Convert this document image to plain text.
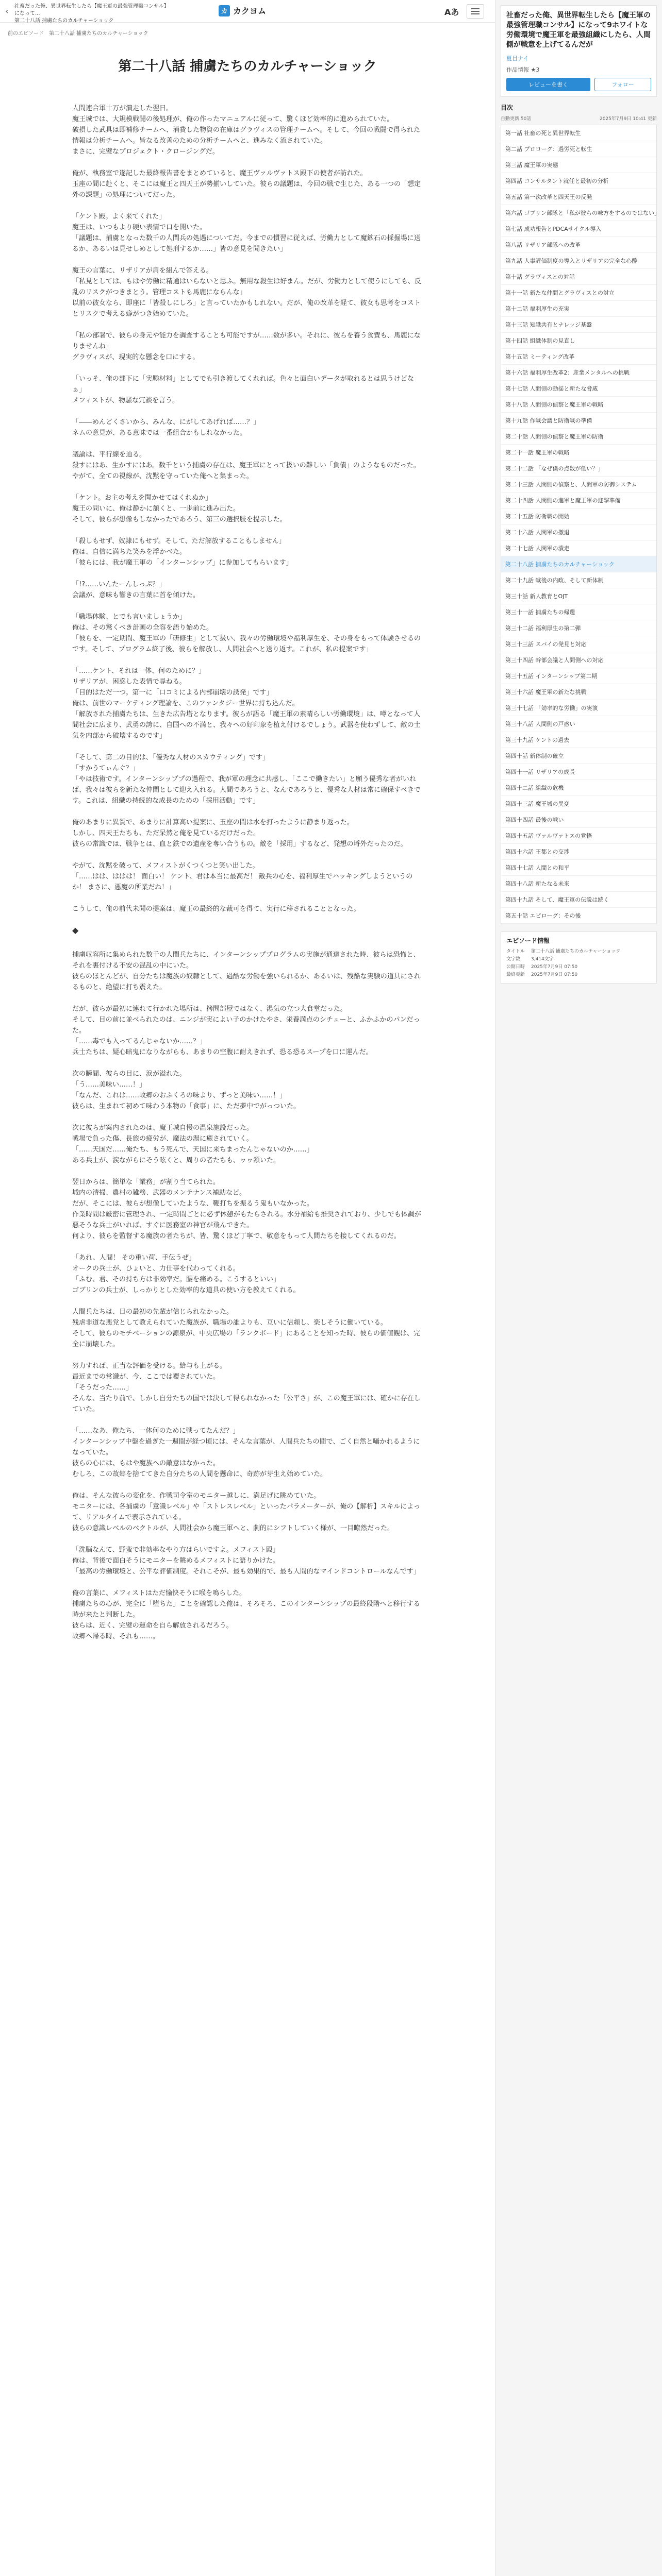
‹ 社畜だった俺、異世界転生したら【魔王軍の最強管理職コンサル】になって...
第二十八話 捕虜たちのカルチャーショック
カ カクヨム	Aあ
前のエピソード 第二十八話 捕虜たちのカルチャーショック
第二十八話 捕虜たちのカルチャーショック

人間連合軍十万が潰走した翌日。
魔王城では、大規模戦闘の後処理が、俺の作ったマニュアルに従って、驚くほど効率的に進められていた。
破損した武具は即補修チームへ、消費した物資の在庫はグラヴィスの管理チームへ。そして、今回の戦闘で得られた情報は分析チームへ。皆なる改善のための分析チームへと、進みなく流されていた。
まさに、完璧なプロジェクト・クロージングだ。

俺が、執務室で遂記した最終報告書をまとめていると、魔王ヴァルヴァトス殿下の使者が訪れた。
玉座の間に赴くと、そこには魔王と四天王が勢揃いしていた。彼らの議題は、今回の戦で生じた、ある一つの「想定外の課題」の処理についてだった。

「ケント殿。よく来てくれた」
魔王は、いつもより硬い表情で口を開いた。
「議題は、捕虜となった数千の人間兵の処遇についてだ。今までの慣習に従えば、労働力として魔鉱石の採掘場に送るか、あるいは見せしめとして処刑するか……」皆の意見を聞きたい」

魔王の言葉に、リザリアが肩を組んで答える。
「私見としては、もはや労働に精通はいらないと思ふ。無用な殺生は好まん。だが、労働力として使うにしても、反乱のリスクがつきまとう。管理コストも馬鹿にならんな」
以前の彼女なら、即座に「皆殺しにしろ」と言っていたかもしれない。だが、俺の改革を経て、彼女も思考をコストとリスクで考える癖がつき始めていた。

「私の部署で、彼らの身元や能力を調査することも可能ですが……数が多い。それに、彼らを養う食費も、馬鹿になりませんね」
グラヴィスが、現実的な懸念を口にする。

「いっそ、俺の部下に「実験材料」としてでも引き渡してくれれば。色々と面白いデータが取れるとは思うけどなぁ」
メフィストが、物騒な冗談を言う。

「――めんどくさいから、みんな、にがしてあげれば……？」
ネムの意見が、ある意味では一番組合かもしれなかった。

議論は、平行線を辿る。
殺すにはあ、生かすにはあ。数千という捕虜の存在は、魔王軍にとって扱いの難しい「負債」のようなものだった。
やがて、全ての視線が、沈黙を守っていた俺へと集まった。

「ケント。お主の考えを聞かせてはくれぬか」
魔王の問いに、俺は静かに頷くと、一歩前に進み出た。
そして、彼らが想像もしなかったであろう、第三の選択肢を提示した。

「殺しもせず、奴隷にもせず。そして、ただ解放することもしません」
俺は、自信に満ちた笑みを浮かべた。
「彼らには、我が魔王軍の「インターンシップ」に参加してもらいます」

「!?……いんたーんしっぷ？」
会議が、意味も響きの言葉に首を傾けた。

「職場体験、とでも言いましょうか」
俺は、その驚くべき計画の全容を語り始めた。
「彼らを、一定期間、魔王軍の「研修生」として扱い、我々の労働環境や福利厚生を、その身をもって体験させるのです。そして、プログラム終了後、彼らを解放し、人間社会へと送り返す。これが、私の提案です」

「……ケント、それは一体、何のために？」
リザリアが、困惑した表情で尋ねる。
「目的はただ一つ。第一に「口コミによる内部崩壊の誘発」です」
俺は、前世のマーケティング理論を、このファンタジー世界に持ち込んだ。
「解放された捕虜たちは、生きた広告塔となります。彼らが語る「魔王軍の素晴らしい労働環境」は、噂となって人間社会に広まり、武勇の誇に、自国への不満と、我々への好印象を植え付けるでしょう。武器を使わずして、敵の士気を内部から破壊するのです」

「そして、第二の目的は、「優秀な人材のスカウティング」です」
「すかうてぃんぐ？」
「やは技術です。インターンシッププの過程で、我が軍の理念に共感し、「ここで働きたい」と願う優秀な者がいれば、我々は彼らを新たな仲間として迎え入れる。人間であろうと、なんであろうと、優秀な人材は常に確保すべきです。これは、組織の持続的な成長のための「採用活動」です」

俺のあまりに異質で、あまりに計算高い提案に、玉座の間は水を打ったように静まり返った。
しかし、四天王たちも、ただ呆然と俺を見ているだけだった。
彼らの常識では、戦争とは、血と鉄での遺産を奪い合うもの。敵を「採用」するなど、発想の埒外だったのだ。

やがて、沈黙を破って、メフィストがくつくつと笑い出した。
「……はは、ははは！ 面白い！ ケント、君は本当に最高だ！ 敵兵の心を、福利厚生でハッキングしようというのか！ まさに、悪魔の所業だね！」

こうして、俺の前代未聞の提案は、魔王の最終的な裁可を得て、実行に移されることとなった。

◆

捕虜収容所に集められた数千の人間兵たちに、インターンシッププログラムの実施が通達された時、彼らは恐怖と、それを裏付ける不安の混乱の中にいた。
彼らのほとんどが、自分たちは魔族の奴隷として、過酷な労働を強いられるか、あるいは、残酷な実験の道具にされるものと、絶望に打ち震えた。

だが、彼らが最初に連れて行かれた場所は、拷問部屋ではなく、湯気の立つ大食堂だった。
そして、目の前に並べられたのは、ニンジが実によい子のかけたやさ、栄養満点のシチューと、ふかふかのパンだった。
「……毒でも入ってるんじゃないか……？」
兵士たちは、疑心暗鬼になりながらも、あまりの空腹に耐えきれず、恐る恐るスープを口に運んだ。

次の瞬間、彼らの目に、涙が溢れた。
「う……美味い……！」
「なんだ、これは……故郷のおふくろの味より、ずっと美味い……！」
彼らは、生まれて初めて味わう本物の「食事」に、ただ夢中でがっついた。

次に彼らが案内されたのは、魔王城自慢の温泉施設だった。
戦場で負った傷、長旅の疲労が、魔法の湯に癒されていく。
「……天国だ……俺たち、もう死んで、天国に来ちまったんじゃないのか……」
ある兵士が、涙ながらにそう呟くと、周りの者たちも、ヮヮ頷いた。

翌日からは、簡単な「業務」が割り当てられた。
城内の清掃、農村の雑務、武器のメンテナンス補助など。
だが、そこには、彼らが想像していたような、鞭打ちを振るう鬼もいなかった。
作業時間は厳密に管理され、一定時間ごとに必ず休憩がもたらされる。水分補給も推奨されており、少しでも体調が悪そうな兵士がいれば、すぐに医務室の神官が飛んできた。
何より、彼らを監督する魔族の者たちが、皆、驚くほど丁寧で、敬意をもって人間たちを接してくれるのだ。

「あれ、人間！ その重い荷、手伝うぜ」
オークの兵士が、ひょいと、力仕事を代わってくれる。
「ふむ、君、その持ち方は非効率だ。腰を痛める。こうするといい」
ゴブリンの兵士が、しっかりとした効率的な道具の使い方を教えてくれる。

人間兵たちは、日の最初の先輩が信じられなかった。
残虐非道な悪党として教えられていた魔族が、職場の誰よりも、互いに信頼し、楽しそうに働いている。
そして、彼らのモチベーションの源泉が、中央広場の「ランクボード」にあることを知った時、彼らの価値観は、完全に崩壊した。

努力すれば、正当な評価を受ける。給与も上がる。
最近までの常識が、今、ここでは覆されていた。
「そうだった……」
そんな、当たり前で、しかし自分たちの国では決して得られなかった「公平さ」が、この魔王軍には、確かに存在していた。

「……なあ、俺たち、一体何のために戦ってたんだ？」
インターンシップ中盤を過ぎた一週間が経つ頃には、そんな言葉が、人間兵たちの間で、ごく自然と囁かれるようになっていた。
彼らの心には、もはや魔族への敵意はなかった。
むしろ、この故郷を捨ててきた自分たちの人間を懸命に、奇跡が芽生え始めていた。

俺は、そんな彼らの変化を、作戦司令室のモニター越しに、満足げに眺めていた。
モニターには、各捕虜の「意識レベル」や「ストレスレベル」といったパラメーターが、俺の【解析】スキルによって、リアルタイムで表示されている。
彼らの意識レベルのベクトルが、人間社会から魔王軍へと、劇的にシフトしていく様が、一目瞭然だった。

「洗脳なんて、野蛮で非効率なやり方はらいですよ。メフィスト殿」
俺は、背後で面白そうにモニターを眺めるメフィストに語りかけた。
「最高の労働環境と、公平な評価制度。それこそが、最も効果的で、最も人間的なマインドコントロールなんです」

俺の言葉に、メフィストはただ愉快そうに喉を鳴らした。
捕虜たちの心が、完全に「堕ちた」ことを確認した俺は、そろそろ、このインターンシップの最終段階へと移行する時が来たと判断した。
彼らは、近く、完璧の運命を自ら解放されるだろう。
故郷へ帰る時、それも……。

社畜だった俺、異世界転生したら【魔王軍の最強管理職コンサル】になって9ホワイトな労働環境で魔王軍を最強組織にしたら、人間側が戦意を上げてるんだが
夏目ナイ
作品情報 ★3
レビューを書く	フォロー
目次
自動更新 50話	2025年7月9日 10:41 更新
第一話 社畜の死と異世界転生
第二話 プロローグ：過労死と転生
第三話 魔王軍の実態
第四話 コンサルタント就任と最初の分析
第五話 第一次改革と四天王の反発
第六話 ゴブリン部隊と「私が彼らの味方をするのではない」
第七話 成功報告とPDCAサイクル導入
第八話 リザリア部隊への改革
第九話 人事評価制度の導入とリザリアの完全な心酔
第十話 グラヴィスとの対話
第十一話 新たな仲間とグラヴィスとの対立
第十二話 福利厚生の充実
第十三話 知識共有とナレッジ基盤
第十四話 組織体制の見直し
第十五話 ミーティング改革
第十六話 福利厚生改革2：産業メンタルへの挑戦
第十七話 人間側の動揺と新たな脅威
第十八話 人間側の偵察と魔王軍の戦略
第十九話 作戦会議と防衛戦の準備
第二十話 人間側の偵察と魔王軍の防衛
第二十一話 魔王軍の戦略
第二十二話 「なぜ僕の点数が低い？」
第二十三話 人間側の偵察と、人間軍の防御システム
第二十四話 人間側の進軍と魔王軍の迎撃準備
第二十五話 防衛戦の開始
第二十六話 人間軍の撤退
第二十七話 人間軍の潰走
第二十八話 捕虜たちのカルチャーショック
第二十九話 戦後の内政、そして新体制
第三十話 新人教育とOJT
第三十一話 捕虜たちの帰還
第三十二話 福利厚生の第二弾
第三十三話 スパイの発見と対応
第三十四話 幹部会議と人間側への対応
第三十五話 インターンシップ第二期
第三十六話 魔王軍の新たな挑戦
第三十七話 「効率的な労働」の実演
第三十八話 人間側の戸惑い
第三十九話 ケントの過去
第四十話 新体制の確立
第四十一話 リザリアの成長
第四十二話 組織の危機
第四十三話 魔王城の異変
第四十四話 最後の戦い
第四十五話 ヴァルヴァトスの覚悟
第四十六話 王都との交渉
第四十七話 人間との和平
第四十八話 新たなる未来
第四十九話 そして、魔王軍の伝説は続く
第五十話 エピローグ：その後
エピソード情報
タイトル	第二十八話 捕虜たちのカルチャーショック
文字数	3,414文字
公開日時	2025年7月9日 07:50
最終更新	2025年7月9日 07:50
